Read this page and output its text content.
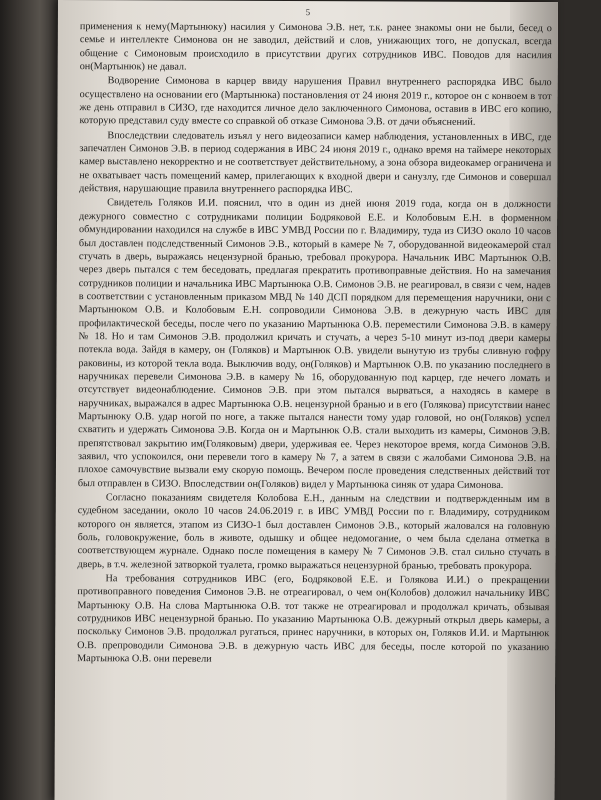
5

применения к нему(Мартынюку) насилия у Симонова Э.В. нет, т.к. ранее знакомы они не были, бесед о семье и интеллекте Симонова он не заводил, действий и слов, унижающих того, не допускал, всегда общение с Симоновым происходило в присутствии других сотрудников ИВС. Поводов для насилия он(Мартынюк) не давал.

Водворение Симонова в карцер ввиду нарушения Правил внутреннего распорядка ИВС было осуществлено на основании его (Мартынюка) постановления от 24 июня 2019 г., которое он с конвоем в тот же день отправил в СИЗО, где находится личное дело заключенного Симонова, оставив в ИВС его копию, которую представил суду вместе со справкой об отказе Симонова Э.В. от дачи объяснений.

Впоследствии следователь изъял у него видеозаписи камер наблюдения, установленных в ИВС, где запечатлен Симонов Э.В. в период содержания в ИВС 24 июня 2019 г., однако время на таймере некоторых камер выставлено некорректно и не соответствует действительному, а зона обзора видеокамер ограничена и не охватывает часть помещений камер, прилегающих к входной двери и санузлу, где Симонов и совершал действия, нарушающие правила внутреннего распорядка ИВС.

Свидетель Голяков И.И. пояснил, что в один из дней июня 2019 года, когда он в должности дежурного совместно с сотрудниками полиции Бодряковой Е.Е. и Колобовым Е.Н. в форменном обмундировании находился на службе в ИВС УМВД России по г. Владимиру, туда из СИЗО около 10 часов был доставлен подследственный Симонов Э.В., который в камере № 7, оборудованной видеокамерой стал стучать в дверь, выражаясь нецензурной бранью, требовал прокурора. Начальник ИВС Мартынюк О.В. через дверь пытался с тем беседовать, предлагая прекратить противоправные действия. Но на замечания сотрудников полиции и начальника ИВС Мартынюка О.В. Симонов Э.В. не реагировал, в связи с чем, надев в соответствии с установленным приказом МВД № 140 ДСП порядком для перемещения наручники, они с Мартынюком О.В. и Колобовым Е.Н. сопроводили Симонова Э.В. в дежурную часть ИВС для профилактической беседы, после чего по указанию Мартынюка О.В. переместили Симонова Э.В. в камеру № 18. Но и там Симонов Э.В. продолжил кричать и стучать, а через 5-10 минут из-под двери камеры потекла вода. Зайдя в камеру, он (Голяков) и Мартынюк О.В. увидели вынутую из трубы сливную гофру раковины, из которой текла вода. Выключив воду, он(Голяков) и Мартынюк О.В. по указанию последнего в наручниках перевели Симонова Э.В. в камеру № 16, оборудованную под карцер, где нечего ломать и отсутствует видеонаблюдение. Симонов Э.В. при этом пытался вырваться, а находясь в камере в наручниках, выражался в адрес Мартынюка О.В. нецензурной бранью и в его (Голякова) присутствии нанес Мартынюку О.В. удар ногой по ноге, а также пытался нанести тому удар головой, но он(Голяков) успел схватить и удержать Симонова Э.В. Когда он и Мартынюк О.В. стали выходить из камеры, Симонов Э.В. препятствовал закрытию им(Голяковым) двери, удерживая ее. Через некоторое время, когда Симонов Э.В. заявил, что успокоился, они перевели того в камеру № 7, а затем в связи с жалобами Симонова Э.В. на плохое самочувствие вызвали ему скорую помощь. Вечером после проведения следственных действий тот был отправлен в СИЗО. Впоследствии он(Голяков) видел у Мартынюка синяк от удара Симонова.

Согласно показаниям свидетеля Колобова Е.Н., данным на следствии и подтвержденным им в судебном заседании, около 10 часов 24.06.2019 г. в ИВС УМВД России по г. Владимиру, сотрудником которого он является, этапом из СИЗО-1 был доставлен Симонов Э.В., который жаловался на головную боль, головокружение, боль в животе, одышку и общее недомогание, о чем была сделана отметка в соответствующем журнале. Однако после помещения в камеру № 7 Симонов Э.В. стал сильно стучать в дверь, в т.ч. железной затворкой туалета, громко выражаться нецензурной бранью, требовать прокурора.

На требования сотрудников ИВС (его, Бодряковой Е.Е. и Голякова И.И.) о прекращении противоправного поведения Симонов Э.В. не отреагировал, о чем он(Колобов) доложил начальнику ИВС Мартынюку О.В. На слова Мартынюка О.В. тот также не отреагировал и продолжал кричать, обзывая сотрудников ИВС нецензурной бранью. По указанию Мартынюка О.В. дежурный открыл дверь камеры, а поскольку Симонов Э.В. продолжал ругаться, принес наручники, в которых он, Голяков И.И. и Мартынюк О.В. препроводили Симонова Э.В. в дежурную часть ИВС для беседы, после которой по указанию Мартынюка О.В. они перевели
